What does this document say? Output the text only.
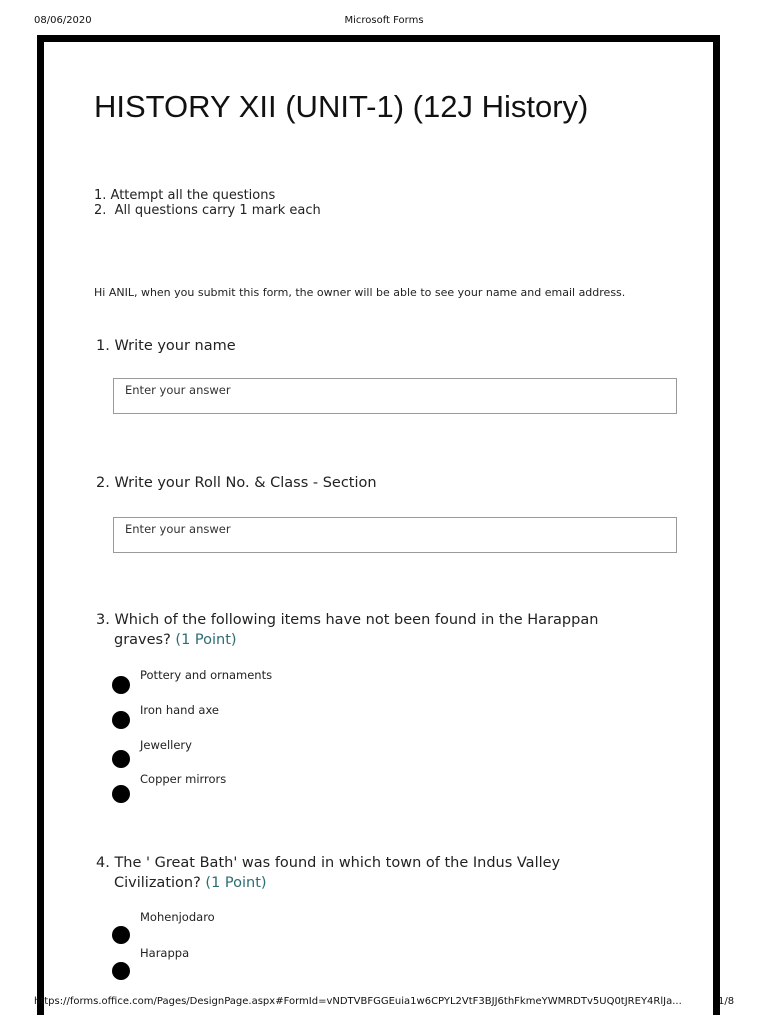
08/06/2020	Microsoft Forms
HISTORY XII (UNIT-1) (12J History)
1. Attempt all the questions
2.  All questions carry 1 mark each
Hi ANIL, when you submit this form, the owner will be able to see your name and email address.
1. Write your name
Enter your answer
2. Write your Roll No. & Class - Section
Enter your answer
3. Which of the following items have not been found in the Harappan
graves? (1 Point)
Pottery and ornaments
Iron hand axe
Jewellery
Copper mirrors
4. The ' Great Bath' was found in which town of the Indus Valley
Civilization? (1 Point)
Mohenjodaro
Harappa
https://forms.office.com/Pages/DesignPage.aspx#FormId=vNDTVBFGGEuia1w6CPYL2VtF3BJJ6thFkmeYWMRDTv5UQ0tJREY4RlJa...	1/8
